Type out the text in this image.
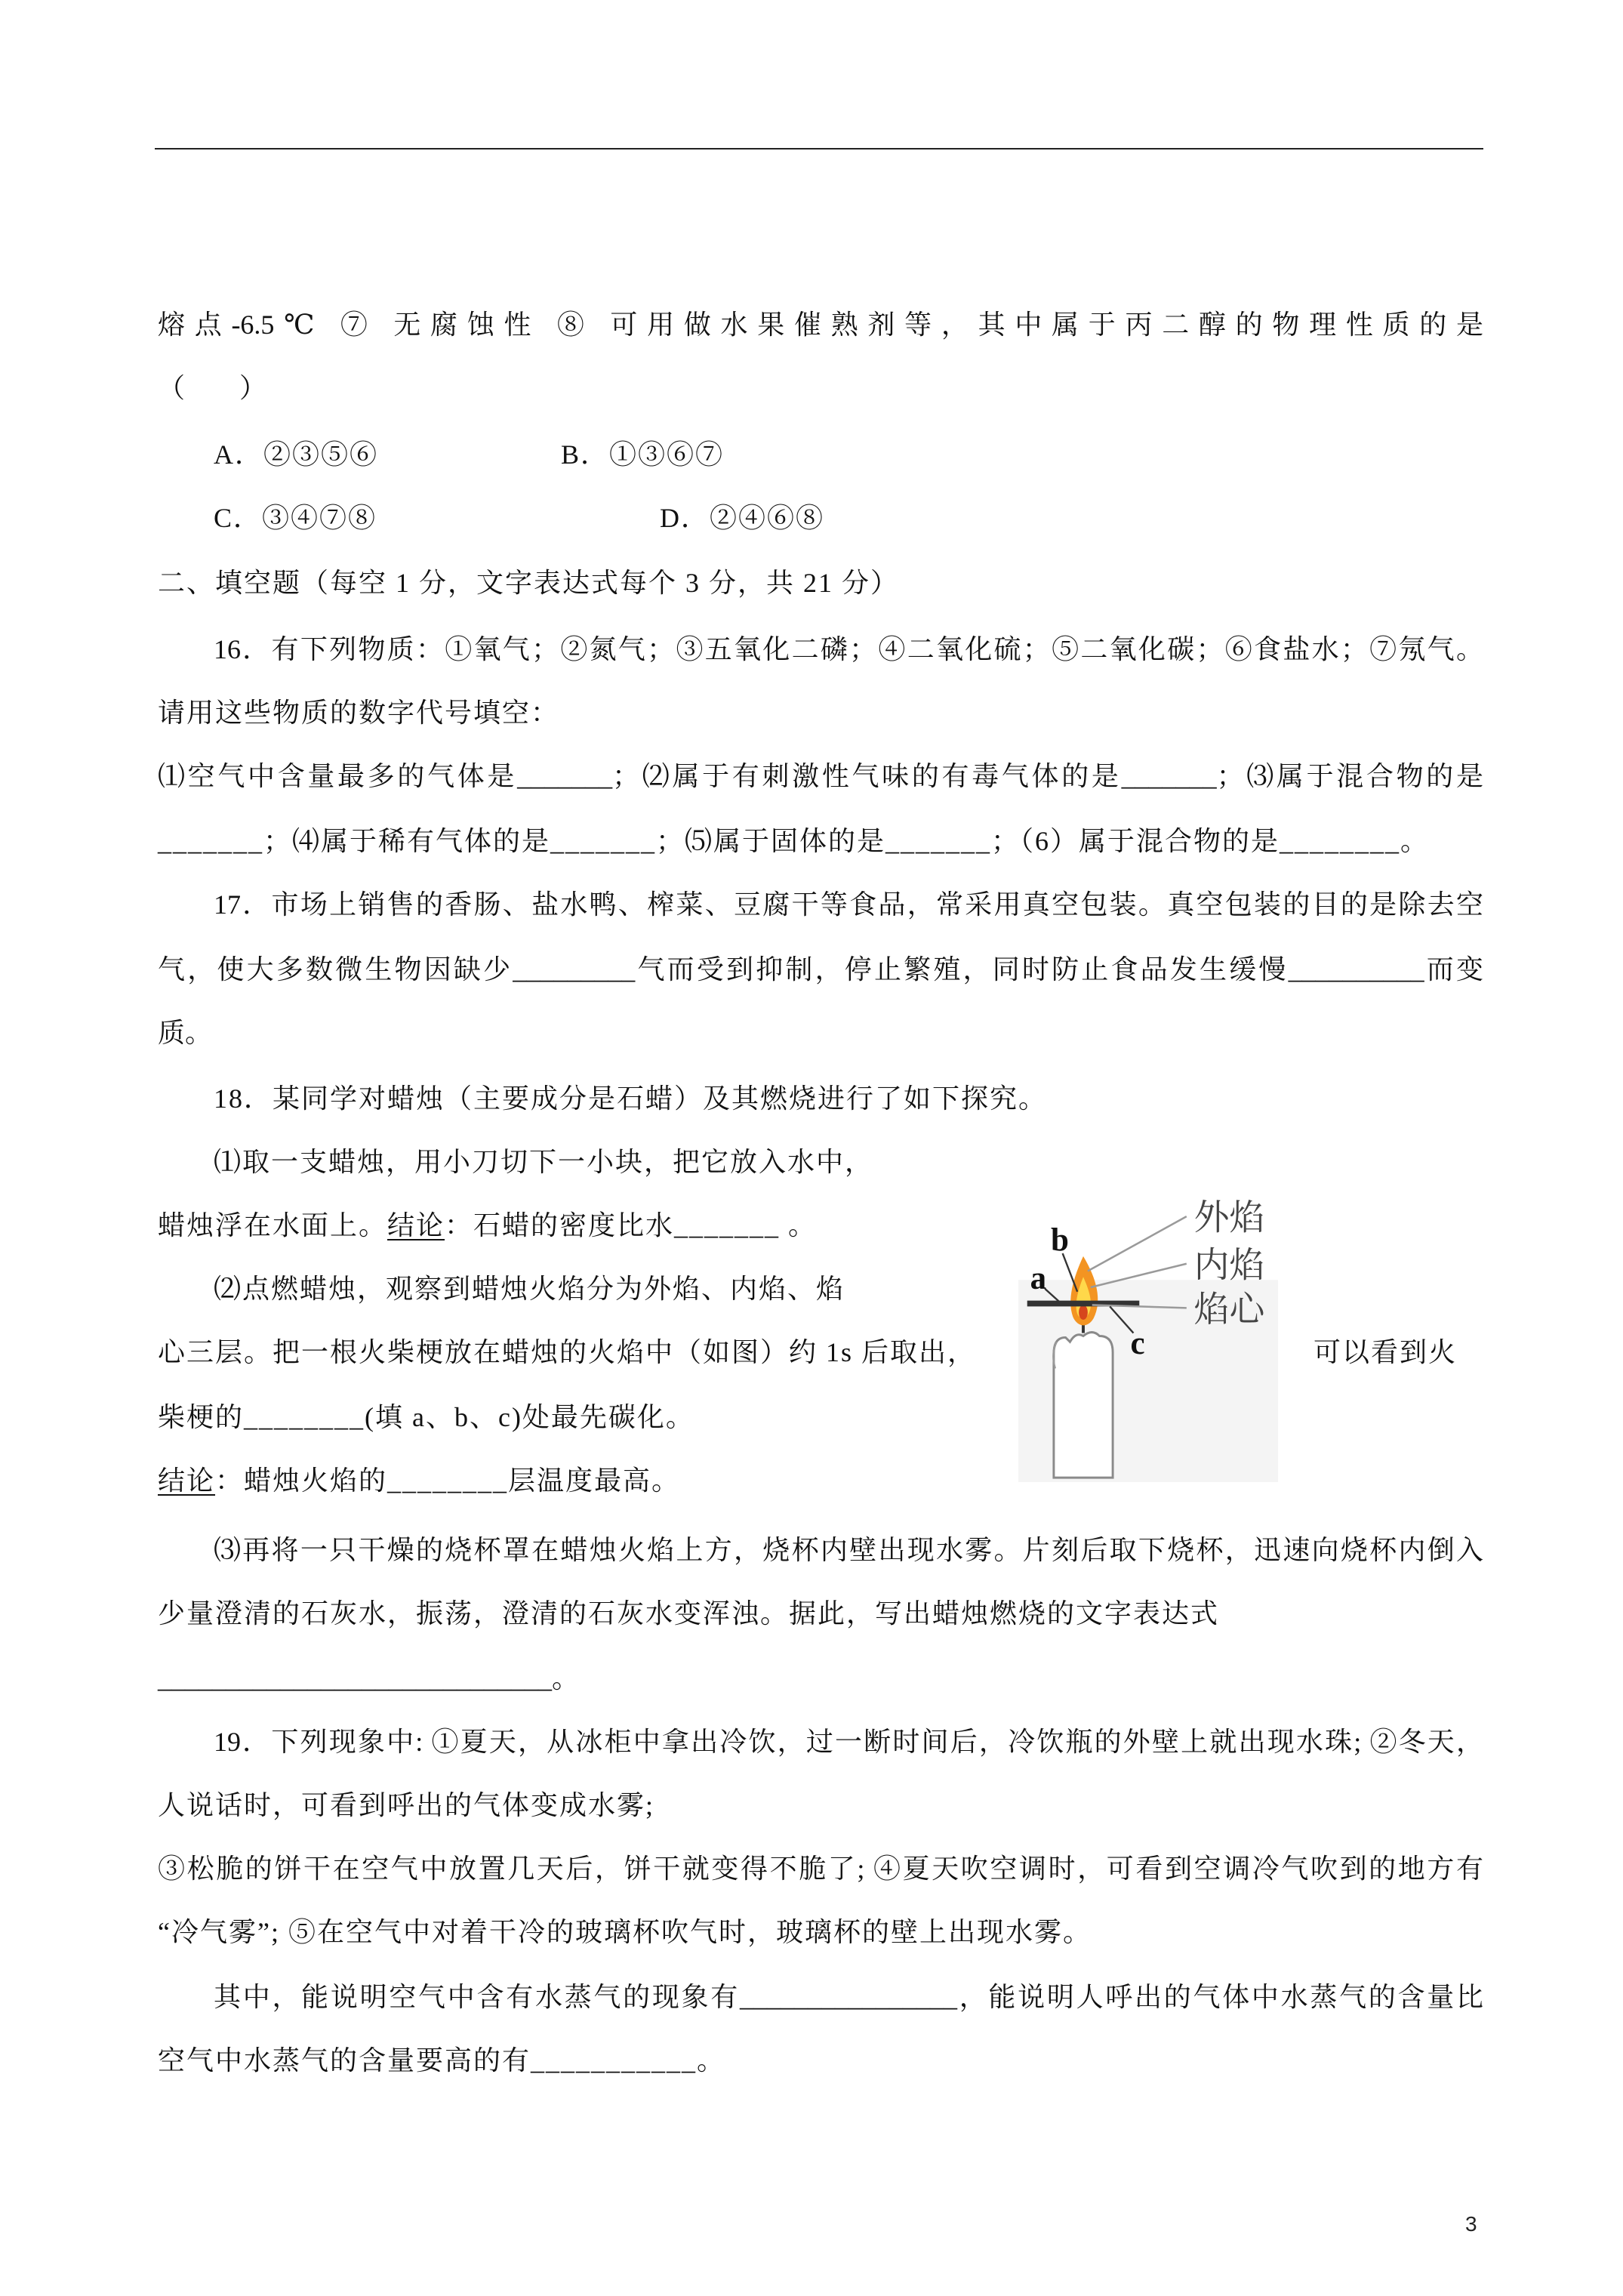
熔点-6.5℃ ⑦ 无腐蚀性 ⑧ 可用做水果催熟剂等，其中属于丙二醇的物理性质的是
（　　）
A．②③⑤⑥	B．①③⑥⑦
C．③④⑦⑧	D．②④⑥⑧
二、填空题（每空 1 分，文字表达式每个 3 分，共 21 分）
16．有下列物质：①氧气；②氮气；③五氧化二磷；④二氧化硫；⑤二氧化碳；⑥食盐水；⑦氖气。
请用这些物质的数字代号填空：
⑴空气中含量最多的气体是_______；⑵属于有刺激性气味的有毒气体的是_______；⑶属于混合物的是
_______；⑷属于稀有气体的是_______；⑸属于固体的是_______；（6）属于混合物的是________。
17．市场上销售的香肠、盐水鸭、榨菜、豆腐干等食品，常采用真空包装。真空包装的目的是除去空
气，使大多数微生物因缺少_________气而受到抑制，停止繁殖，同时防止食品发生缓慢__________而变
质。
18．某同学对蜡烛（主要成分是石蜡）及其燃烧进行了如下探究。
⑴取一支蜡烛，用小刀切下一小块，把它放入水中，
蜡烛浮在水面上。结论：石蜡的密度比水_______ 。
⑵点燃蜡烛，观察到蜡烛火焰分为外焰、内焰、焰
心三层。把一根火柴梗放在蜡烛的火焰中（如图）约 1s 后取出，	可以看到火
柴梗的________(填 a、b、c)处最先碳化。
结论：蜡烛火焰的________层温度最高。
⑶再将一只干燥的烧杯罩在蜡烛火焰上方，烧杯内壁出现水雾。片刻后取下烧杯，迅速向烧杯内倒入
少量澄清的石灰水，振荡，澄清的石灰水变浑浊。据此，写出蜡烛燃烧的文字表达式
_____________________________。
外焰
内焰
焰心
b
a
c
19．下列现象中: ①夏天，从冰柜中拿出冷饮，过一断时间后，冷饮瓶的外壁上就出现水珠; ②冬天，
人说话时，可看到呼出的气体变成水雾;
③松脆的饼干在空气中放置几天后，饼干就变得不脆了; ④夏天吹空调时，可看到空调冷气吹到的地方有
“冷气雾”; ⑤在空气中对着干冷的玻璃杯吹气时，玻璃杯的壁上出现水雾。
其中，能说明空气中含有水蒸气的现象有________________，能说明人呼出的气体中水蒸气的含量比
空气中水蒸气的含量要高的有___________。
3
